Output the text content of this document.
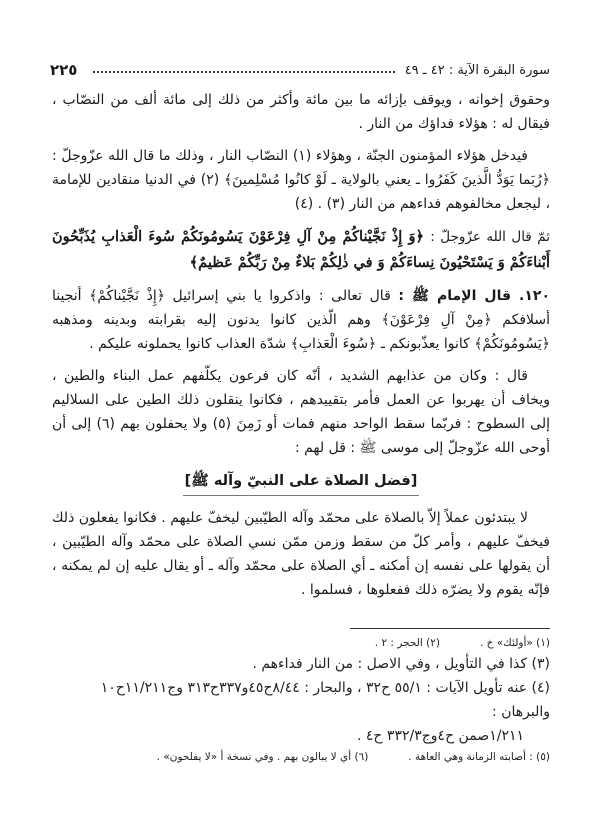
٢٢٥	سورة البقرة الآية : ٤٢ ـ ٤٩

وحقوق إخوانه ، ويوقف بإزائه ما بين مائة وأكثر من ذلك إلى مائة ألف من النصّاب ، فيقال له : هؤلاء فداؤك من النار .

فيدخل هؤلاء المؤمنون الجنّة ، وهؤلاء (١) النصّاب النار ، وذلك ما قال الله عزّوجلّ : ﴿رُبَما يَوَدُّ الَّذينَ كَفَرُوا ـ يعني بالولاية ـ لَوْ كانُوا مُسْلِمينَ﴾ (٢) في الدنيا منقادين للإمامة ، ليجعل مخالفوهم فداءهم من النار (٣) . (٤)

ثمّ قال الله عزّوجلّ : ﴿وَ إِذْ نَجَّيْناكُمْ مِنْ آلِ فِرْعَوْنَ يَسُومُونَكُمْ سُوءَ الْعَذابِ يُذَبِّحُونَ أَبْناءَكُمْ وَ يَسْتَحْيُونَ نِساءَكُمْ وَ في ذٰلِكُمْ بَلاءٌ مِنْ رَبِّكُمْ عَظيمٌ﴾

١٢٠. قال الإمام ﷺ : قال تعالى : واذكروا يا بني إسرائيل ﴿إِذْ نَجَّيْناكُمْ﴾ أنجينا أسلافكم ﴿مِنْ آلِ فِرْعَوْنَ﴾ وهم الّذين كانوا يدنون إليه بقرابته وبدينه ومذهبه ﴿يَسُومُونَكُمْ﴾ كانوا يعذّبونكم ـ ﴿سُوءَ الْعَذابِ﴾ شدّة العذاب كانوا يحملونه عليكم .

قال : وكان من عذابهم الشديد ، أنّه كان فرعون يكلّفهم عمل البناء والطين ، ويخاف أن يهربوا عن العمل فأمر بتقييدهم ، فكانوا ينقلون ذلك الطين على السلاليم إلى السطوح : فربّما سقط الواحد منهم فمات أو زَمِنَ (٥) ولا يحفلون بهم (٦) إلى أن أوحى الله عزّوجلّ إلى موسى ﷺ : قل لهم :

[فضل الصلاة على النبيّ وآله ﷺ]

لا يبتدئون عملاً إلاّ بالصلاة على محمّد وآله الطيّبين ليخفّ عليهم . فكانوا يفعلون ذلك فيخفّ عليهم ، وأمر كلّ من سقط وزمن ممّن نسي الصلاة على محمّد وآله الطيّبين ، أن يقولها على نفسه إن أمكنه ـ أي الصلاة على محمّد وآله ـ أو يقال عليه إن لم يمكنه ، فإنّه يقوم ولا يضرّه ذلك ففعلوها ، فسلموا .

(١) «أولئك» خ .
(٢) الحجر : ٢ .

(٣) كذا في التأويل ، وفي الاصل : من النار فداءهم .

(٤) عنه تأويل الآيات : ٥٥/١ ح٣٢ ، والبحار : ٨/٤٤ح٤٥و٣٣٧ح٣١٣ وج١١/٢١١ح١٠ والبرهان :

١/٢١١صمن ح٤وج٣٣٢/٣ ح٤ .

(٥) : أصابته الزمانة وهي العاهة .
(٦) أي لا يبالون بهم . وفي نسخة أ «لا يفلحون» .
